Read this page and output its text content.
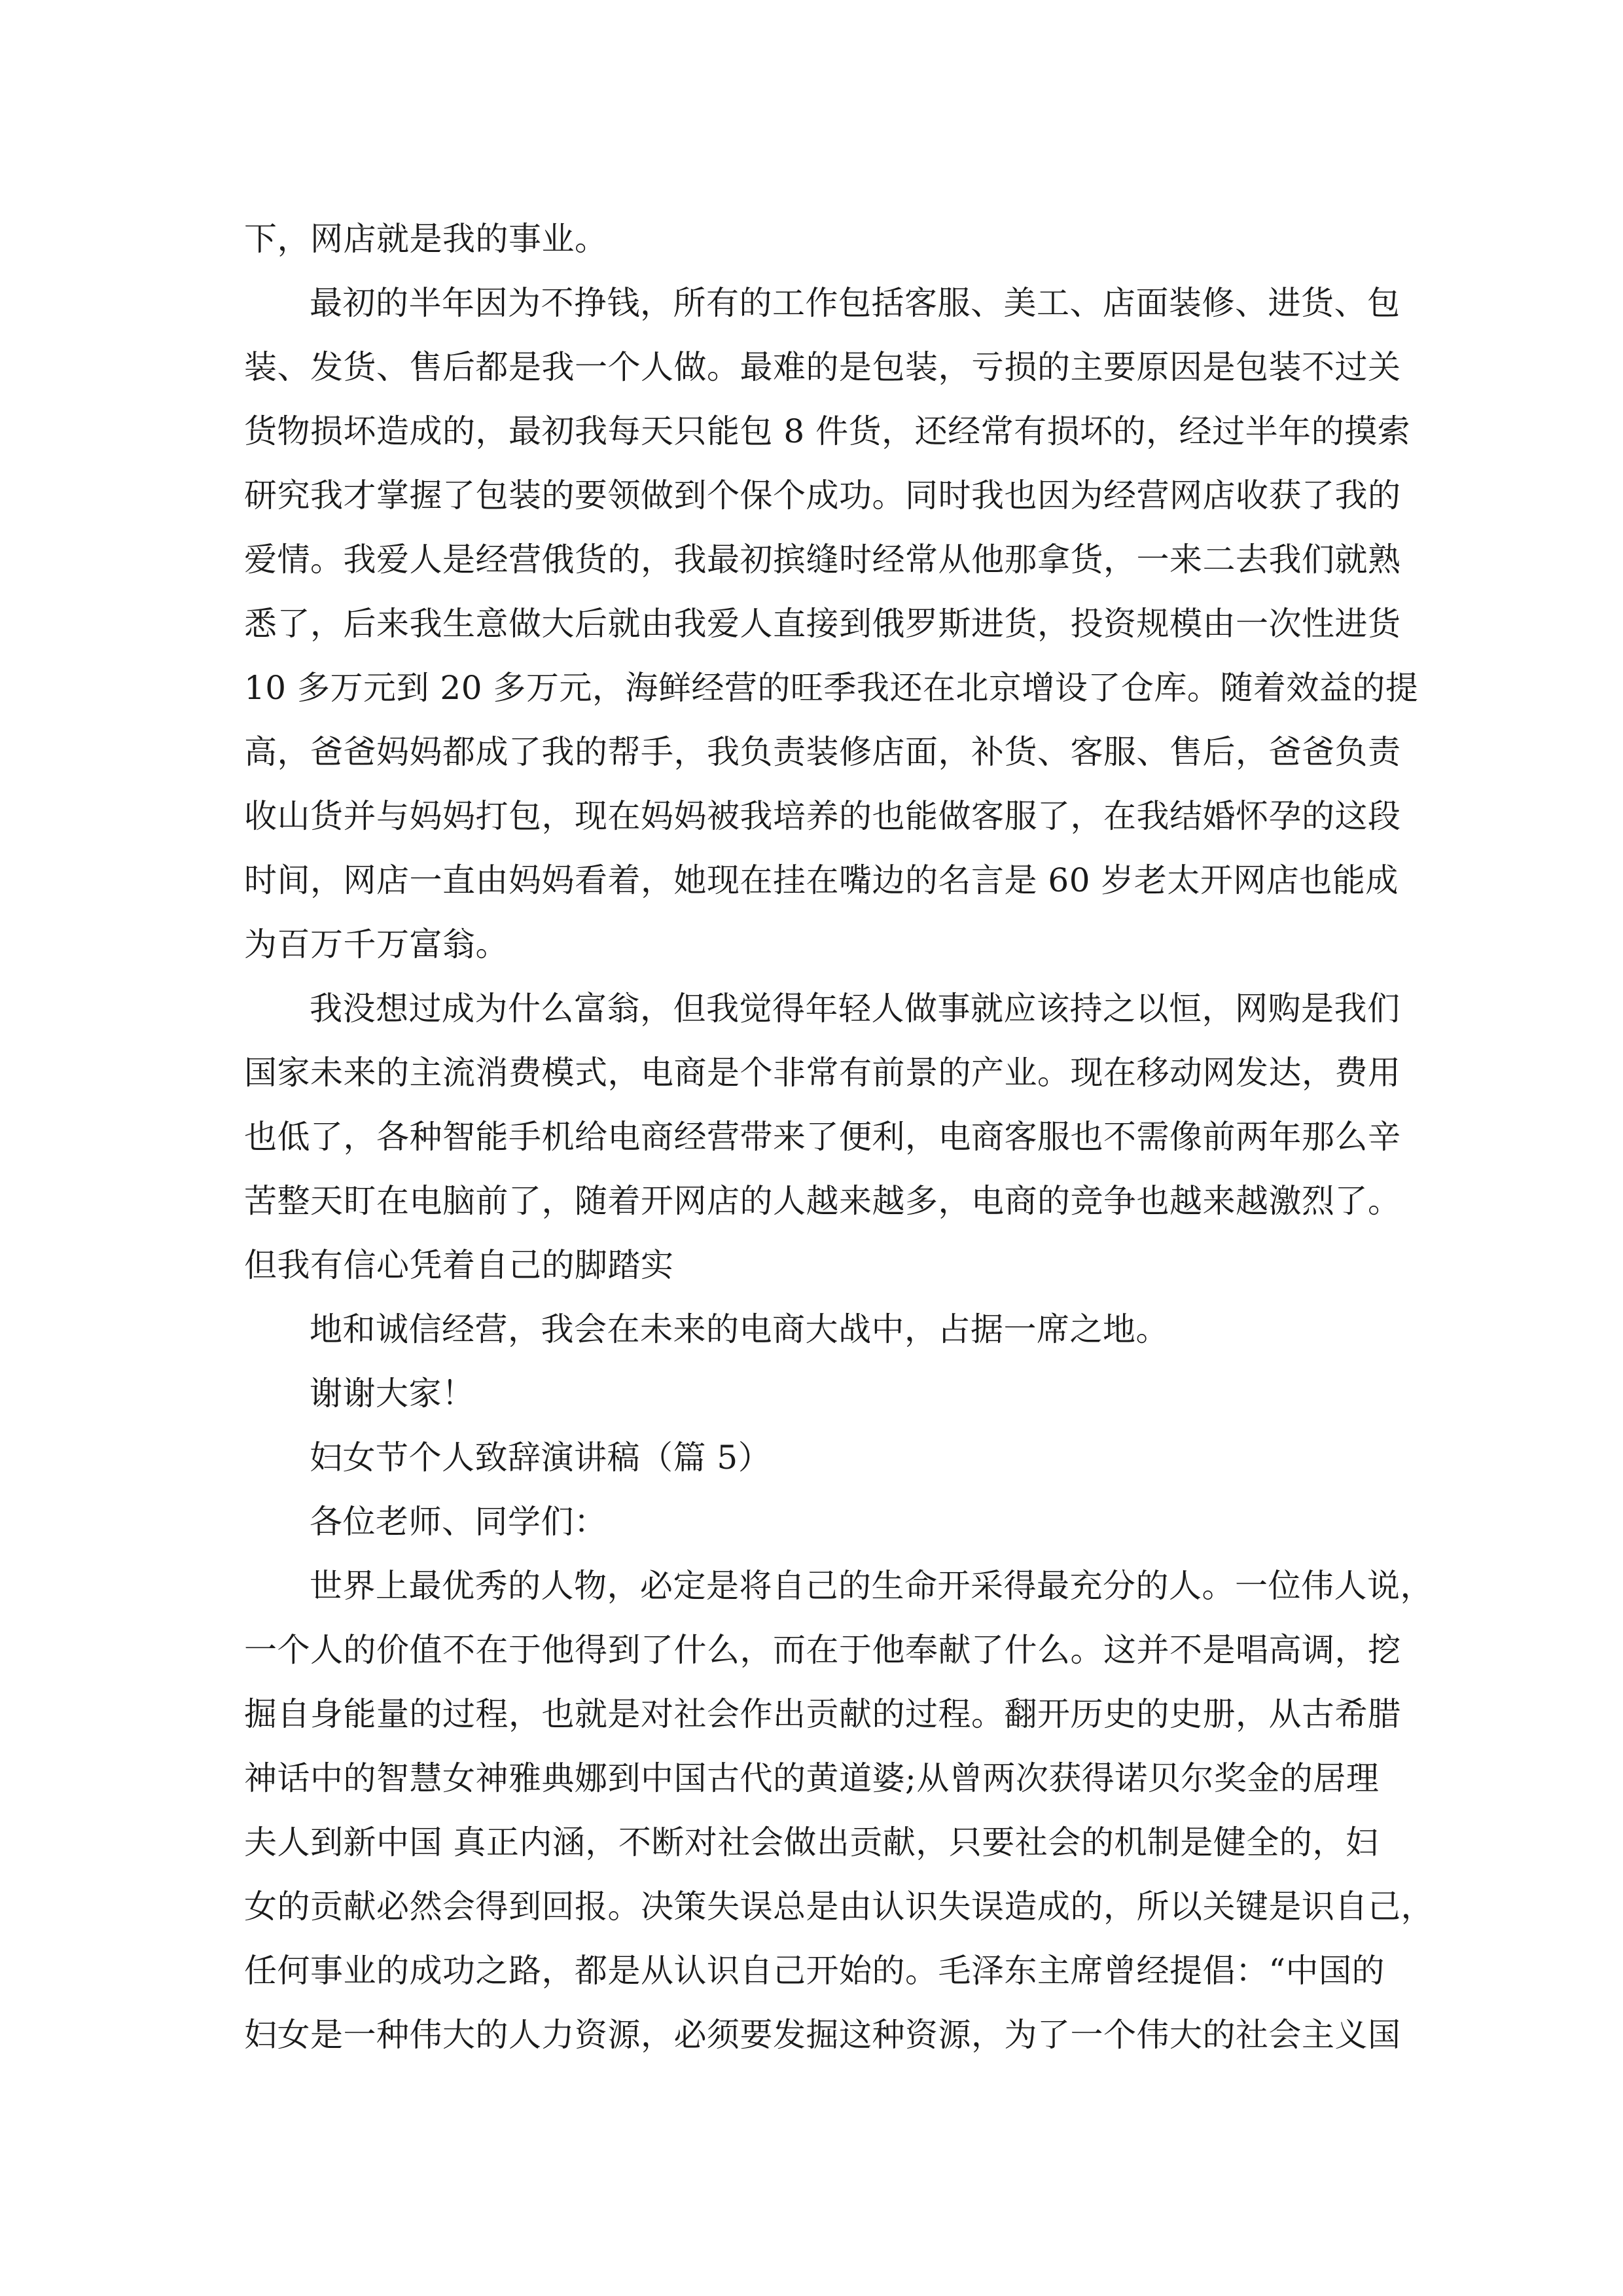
下，网店就是我的事业。
最初的半年因为不挣钱，所有的工作包括客服、美工、店面装修、进货、包
装、发货、售后都是我一个人做。最难的是包装，亏损的主要原因是包装不过关
货物损坏造成的，最初我每天只能包 8 件货，还经常有损坏的，经过半年的摸索
研究我才掌握了包装的要领做到个保个成功。同时我也因为经营网店收获了我的
爱情。我爱人是经营俄货的，我最初摈缝时经常从他那拿货，一来二去我们就熟
悉了，后来我生意做大后就由我爱人直接到俄罗斯进货，投资规模由一次性进货
10 多万元到 20 多万元，海鲜经营的旺季我还在北京增设了仓库。随着效益的提
高，爸爸妈妈都成了我的帮手，我负责装修店面，补货、客服、售后，爸爸负责
收山货并与妈妈打包，现在妈妈被我培养的也能做客服了，在我结婚怀孕的这段
时间，网店一直由妈妈看着，她现在挂在嘴边的名言是 60 岁老太开网店也能成
为百万千万富翁。
我没想过成为什么富翁，但我觉得年轻人做事就应该持之以恒，网购是我们
国家未来的主流消费模式，电商是个非常有前景的产业。现在移动网发达，费用
也低了，各种智能手机给电商经营带来了便利，电商客服也不需像前两年那么辛
苦整天盯在电脑前了，随着开网店的人越来越多，电商的竞争也越来越激烈了。
但我有信心凭着自己的脚踏实
地和诚信经营，我会在未来的电商大战中，占据一席之地。
谢谢大家！
妇女节个人致辞演讲稿（篇 5）
各位老师、同学们：
世界上最优秀的人物，必定是将自己的生命开采得最充分的人。一位伟人说，
一个人的价值不在于他得到了什么，而在于他奉献了什么。这并不是唱高调，挖
掘自身能量的过程，也就是对社会作出贡献的过程。翻开历史的史册，从古希腊
神话中的智慧女神雅典娜到中国古代的黄道婆;从曾两次获得诺贝尔奖金的居理
夫人到新中国 真正内涵，不断对社会做出贡献，只要社会的机制是健全的，妇
女的贡献必然会得到回报。决策失误总是由认识失误造成的，所以关键是识自己，
任何事业的成功之路，都是从认识自己开始的。毛泽东主席曾经提倡：“中国的
妇女是一种伟大的人力资源，必须要发掘这种资源，为了一个伟大的社会主义国
